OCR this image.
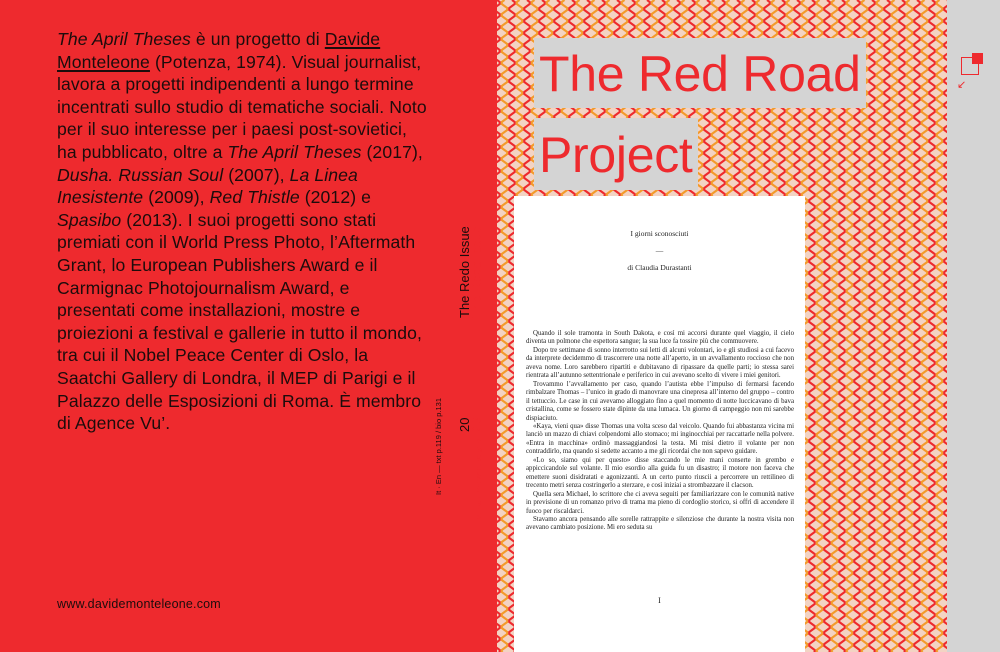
The April Theses è un progetto di Davide Monteleone (Potenza, 1974). Visual journalist, lavora a progetti indipendenti a lungo termine incentrati sullo studio di tematiche sociali. Noto per il suo interesse per i paesi post-sovietici, ha pubblicato, oltre a The April Theses (2017), Dusha. Russian Soul (2007), La Linea Inesistente (2009), Red Thistle (2012) e Spasibo (2013). I suoi progetti sono stati premiati con il World Press Photo, l’Aftermath Grant, lo European Publishers Award e il Carmignac Photojournalism Award, e presentati come installazioni, mostre e proiezioni a festival e gallerie in tutto il mondo, tra cui il Nobel Peace Center di Oslo, la Saatchi Gallery di Londra, il MEP di Parigi e il Palazzo delle Esposizioni di Roma. È membro di Agence Vu’.
www.davidemonteleone.com
The Redo Issue
20
It · En — txt p.119 / bio p.131
↙
The Redo Issue
23
Munken Print White 90 g/m2
The Red Road
Project
I giorni sconosciuti
—
di Claudia Durastanti

Quando il sole tramonta in South Dakota, e così mi accorsi durante quel viaggio, il cielo diventa un polmone che espettora sangue; la sua luce fa tossire più che commuovere.

Dopo tre settimane di sonno interrotto sui letti di alcuni volontari, io e gli studiosi a cui facevo da interprete decidemmo di trascorrere una notte all’aperto, in un avvallamento roccioso che non aveva nome. Loro sarebbero ripartiti e dubitavano di ripassare da quelle parti; io stessa sarei rientrata all’autunno settentrionale e periferico in cui avevano scelto di vivere i miei genitori.

Trovammo l’avvallamento per caso, quando l’autista ebbe l’impulso di fermarsi facendo rimbalzare Thomas – l’unico in grado di manovrare una cinepresa all’interno del gruppo – contro il tettuccio. Le case in cui avevamo alloggiato fino a quel momento di notte luccicavano di bava cristallina, come se fossero state dipinte da una lumaca. Un giorno di campeggio non mi sarebbe dispiaciuto.

«Kaya, vieni qua» disse Thomas una volta sceso dal veicolo. Quando fui abbastanza vicina mi lanciò un mazzo di chiavi colpendomi allo stomaco; mi inginocchiai per raccattarle nella polvere. «Entra in macchina» ordinò massaggiandosi la testa. Mi misi dietro il volante per non contraddirlo, ma quando si sedette accanto a me gli ricordai che non sapevo guidare.

«Lo so, siamo qui per questo» disse staccando le mie mani conserte in grembo e appiccicandole sul volante. Il mio esordio alla guida fu un disastro; il motore non faceva che emettere suoni disidratati e agonizzanti. A un certo punto riuscii a percorrere un rettilineo di trecento metri senza costringerlo a sterzare, e così iniziai a strombazzare il clacson.

Quella sera Michael, lo scrittore che ci aveva seguiti per familiarizzare con le comunità native in previsione di un romanzo privo di trama ma pieno di cordoglio storico, si offrì di accendere il fuoco per riscaldarci.

Stavamo ancora pensando alle sorelle rattrappite e silenziose che durante la nostra visita non avevano cambiato posizione. Mi ero seduta su

I
